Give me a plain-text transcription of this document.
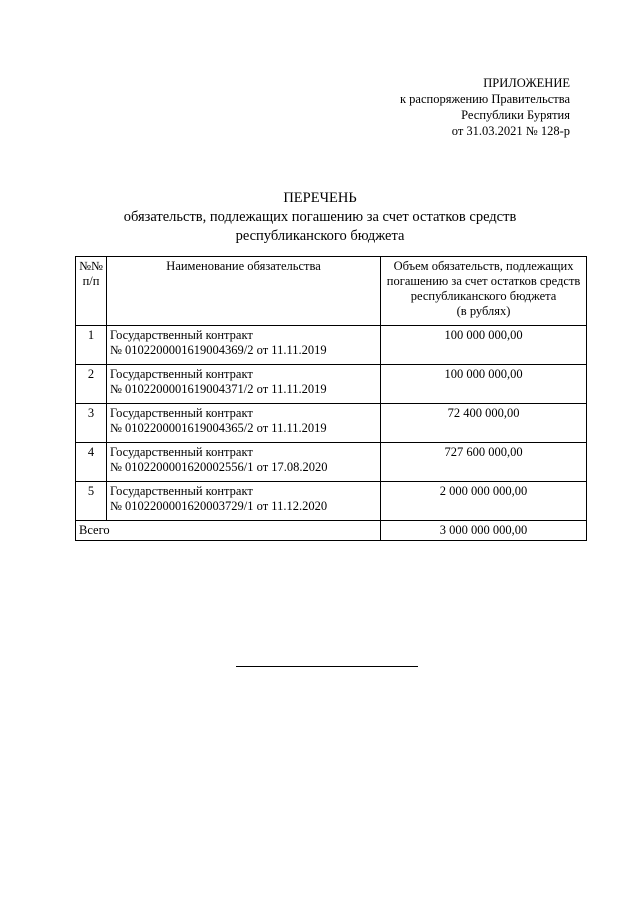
ПРИЛОЖЕНИЕ
к распоряжению Правительства
Республики Бурятия
от 31.03.2021 № 128-р
ПЕРЕЧЕНЬ
обязательств, подлежащих погашению за счет остатков средств
республиканского бюджета
№№
п/п	Наименование обязательства	Объем обязательств, подлежащих
погашению за счет остатков средств
республиканского бюджета
(в рублях)

1	Государственный контракт
№ 0102200001619004369/2 от 11.11.2019	100 000 000,00
2	Государственный контракт
№ 0102200001619004371/2 от 11.11.2019	100 000 000,00
3	Государственный контракт
№ 0102200001619004365/2 от 11.11.2019	72 400 000,00
4	Государственный контракт
№ 0102200001620002556/1 от 17.08.2020	727 600 000,00
5	Государственный контракт
№ 0102200001620003729/1 от 11.12.2020	2 000 000 000,00
Всего		3 000 000 000,00
